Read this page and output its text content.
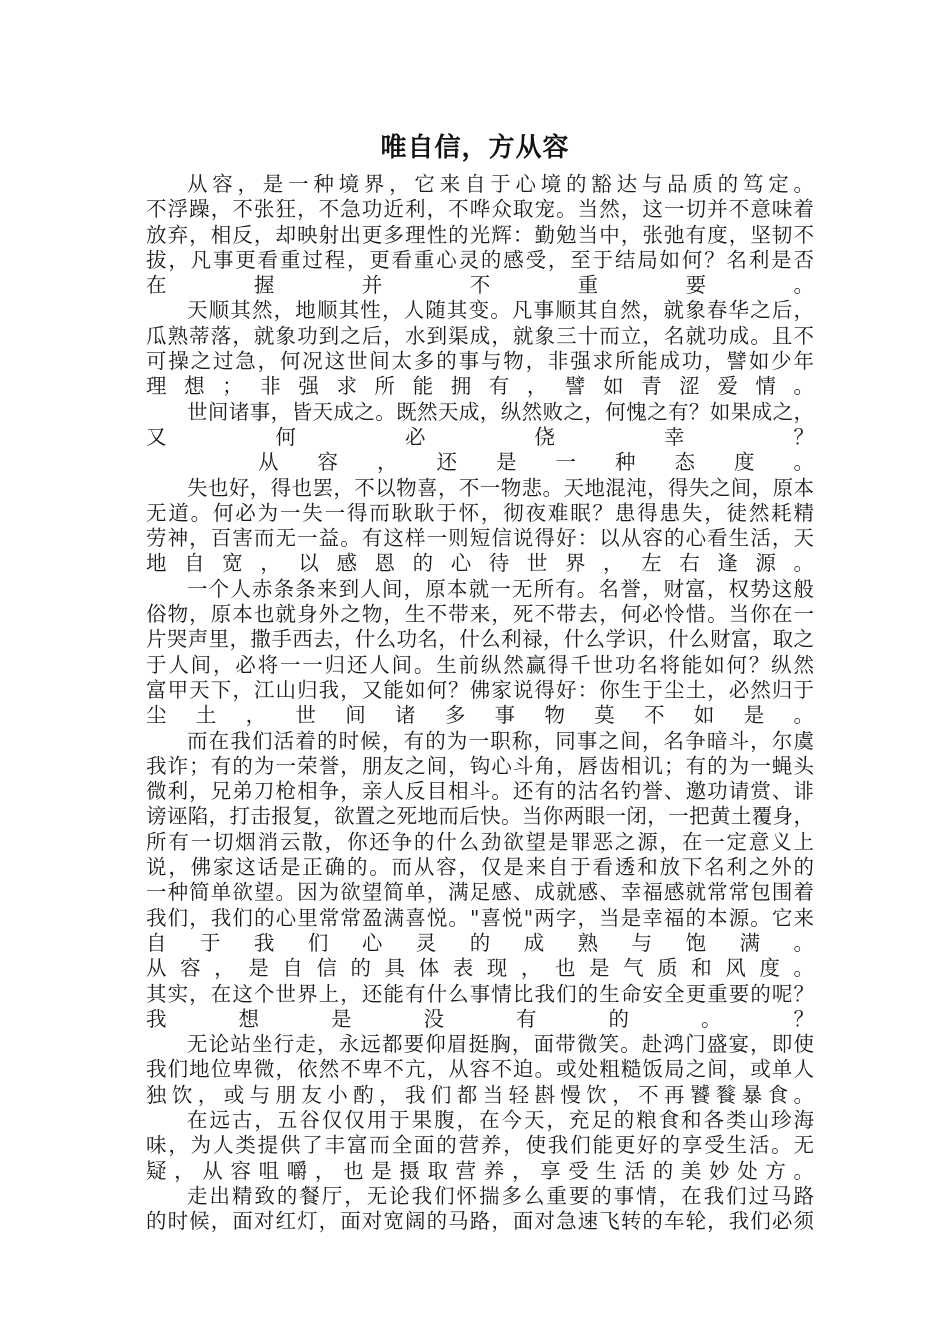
唯自信，方从容
从容，是一种境界，它来自于心境的豁达与品质的笃定。
不浮躁，不张狂，不急功近利，不哗众取宠。当然，这一切并不意味着
放弃，相反，却映射出更多理性的光辉：勤勉当中，张弛有度，坚韧不
拔，凡事更看重过程，更看重心灵的感受，至于结局如何？名利是否
在握并不重要。
天顺其然，地顺其性，人随其变。凡事顺其自然，就象春华之后，
瓜熟蒂落，就象功到之后，水到渠成，就象三十而立，名就功成。且不
可操之过急，何况这世间太多的事与物，非强求所能成功，譬如少年
理想；非强求所能拥有，譬如青涩爱情。
世间诸事，皆天成之。既然天成，纵然败之，何愧之有？如果成之，
又何必侥幸？
从容，还是一种态度。
失也好，得也罢，不以物喜，不一物悲。天地混沌，得失之间，原本
无道。何必为一失一得而耿耿于怀，彻夜难眠？患得患失，徒然耗精
劳神，百害而无一益。有这样一则短信说得好：以从容的心看生活，天
地自宽，以感恩的心待世界，左右逢源。
一个人赤条条来到人间，原本就一无所有。名誉，财富，权势这般
俗物，原本也就身外之物，生不带来，死不带去，何必怜惜。当你在一
片哭声里，撒手西去，什么功名，什么利禄，什么学识，什么财富，取之
于人间，必将一一归还人间。生前纵然赢得千世功名将能如何？纵然
富甲天下，江山归我，又能如何？佛家说得好：你生于尘土，必然归于
尘土，世间诸多事物莫不如是。
而在我们活着的时候，有的为一职称，同事之间，名争暗斗，尔虞
我诈；有的为一荣誉，朋友之间，钩心斗角，唇齿相讥；有的为一蝇头
微利，兄弟刀枪相争，亲人反目相斗。还有的沽名钓誉、邀功请赏、诽
谤诬陷，打击报复，欲置之死地而后快。当你两眼一闭，一把黄土覆身，
所有一切烟消云散，你还争的什么劲欲望是罪恶之源，在一定意义上
说，佛家这话是正确的。而从容，仅是来自于看透和放下名利之外的
一种简单欲望。因为欲望简单，满足感、成就感、幸福感就常常包围着
我们，我们的心里常常盈满喜悦。"喜悦"两字，当是幸福的本源。它来
自于我们心灵的成熟与饱满。
从容，是自信的具体表现，也是气质和风度。
其实，在这个世界上，还能有什么事情比我们的生命安全更重要的呢？
我想是没有的。？
无论站坐行走，永远都要仰眉挺胸，面带微笑。赴鸿门盛宴，即使
我们地位卑微，依然不卑不亢，从容不迫。或处粗糙饭局之间，或单人
独饮，或与朋友小酌，我们都当轻斟慢饮，不再饕餮暴食。
在远古，五谷仅仅用于果腹，在今天，充足的粮食和各类山珍海
味，为人类提供了丰富而全面的营养，使我们能更好的享受生活。无
疑，从容咀嚼，也是摄取营养，享受生活的美妙处方。
走出精致的餐厅，无论我们怀揣多么重要的事情，在我们过马路
的时候，面对红灯，面对宽阔的马路，面对急速飞转的车轮，我们必须
